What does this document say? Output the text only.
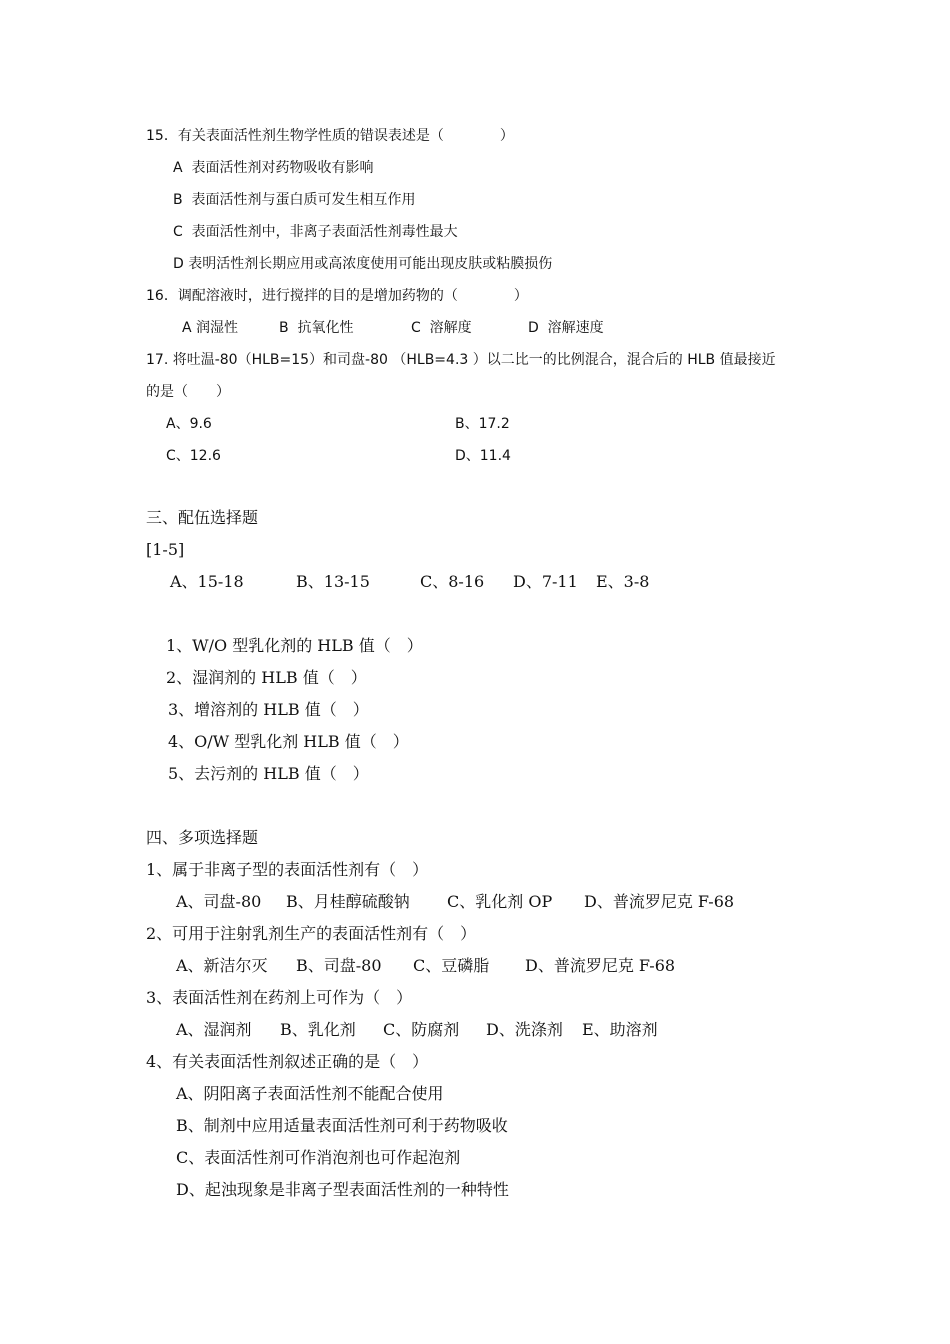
15．有关表面活性剂生物学性质的错误表述是（　　　　）
A  表面活性剂对药物吸收有影响
B  表面活性剂与蛋白质可发生相互作用
C  表面活性剂中，非离子表面活性剂毒性最大
D 表明活性剂长期应用或高浓度使用可能出现皮肤或粘膜损伤
16．调配溶液时，进行搅拌的目的是增加药物的（　　　　）
A 润湿性	B  抗氧化性	C  溶解度	D  溶解速度
17. 将吐温-80（HLB=15）和司盘-80 （HLB=4.3 ）以二比一的比例混合，混合后的 HLB 值最接近
的是（　　）
A、9.6	B、17.2
C、12.6	D、11.4
三、配伍选择题
[1-5]
A、15-18	B、13-15	C、8-16 D、7-11 E、3-8
1、W/O 型乳化剂的 HLB 值（　）
2、湿润剂的 HLB 值（　）
3、增溶剂的 HLB 值（　）
4、O/W 型乳化剂 HLB 值（　）
5、去污剂的 HLB 值（　）
四、多项选择题
1、属于非离子型的表面活性剂有（　）
A、司盘-80 B、月桂醇硫酸钠 C、乳化剂 OP D、普流罗尼克 F-68
2、可用于注射乳剂生产的表面活性剂有（　）
A、新洁尔灭 B、司盘-80 C、豆磷脂 D、普流罗尼克 F-68
3、表面活性剂在药剂上可作为（　）
A、湿润剂 B、乳化剂 C、防腐剂 D、洗涤剂 E、助溶剂
4、有关表面活性剂叙述正确的是（　）
A、阴阳离子表面活性剂不能配合使用
B、制剂中应用适量表面活性剂可利于药物吸收
C、表面活性剂可作消泡剂也可作起泡剂
D、起浊现象是非离子型表面活性剂的一种特性
